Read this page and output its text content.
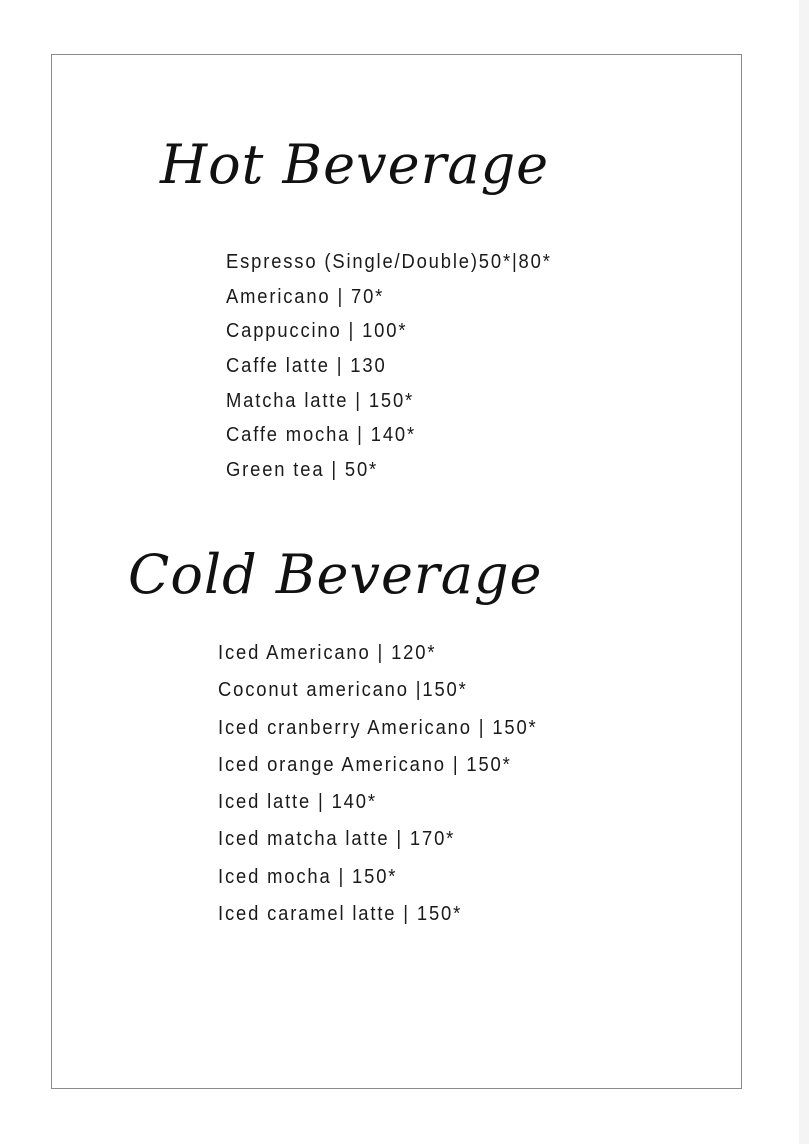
Hot Beverage
Espresso (Single/Double)50*|80*
Americano | 70*
Cappuccino | 100*
Caffe latte | 130
Matcha latte | 150*
Caffe mocha | 140*
Green tea | 50*
Cold Beverage
Iced Americano | 120*
Coconut americano |150*
Iced cranberry Americano | 150*
Iced orange Americano | 150*
Iced latte | 140*
Iced matcha latte | 170*
Iced mocha | 150*
Iced caramel latte | 150*
